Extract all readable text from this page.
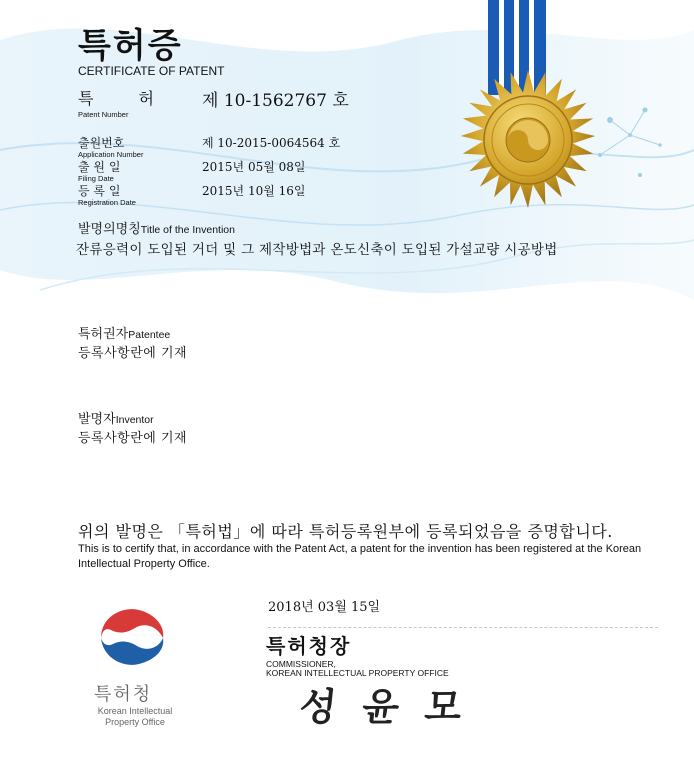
특허증
CERTIFICATE OF PATENT
특 허
Patent Number
제 10-1562767 호
출원번호
Application Number
제 10-2015-0064564 호
출 원 일
Filing Date
2015년 05월 08일
등 록 일
Registration Date
2015년 10월 16일
발명의명칭Title of the Invention
잔류응력이 도입된 거더 및 그 제작방법과 온도신축이 도입된 가설교량 시공방법
특허권자Patentee
등록사항란에 기재
발명자Inventor
등록사항란에 기재
위의 발명은 「특허법」에 따라 특허등록원부에 등록되었음을 증명합니다.
This is to certify that, in accordance with the Patent Act, a patent for the invention has been registered at the Korean Intellectual Property Office.
2018년 03월 15일
특허청장
COMMISSIONER,
KOREAN INTELLECTUAL PROPERTY OFFICE
성윤모
특허청
Korean Intellectual Property Office
